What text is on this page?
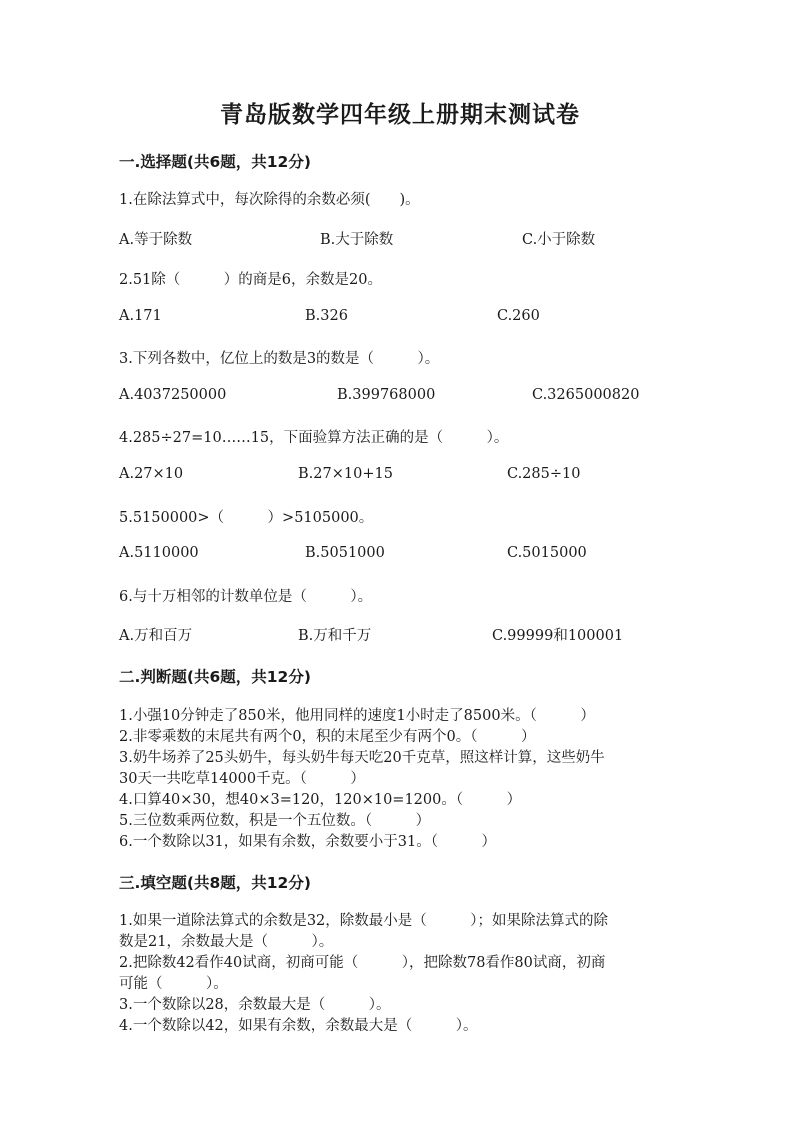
青岛版数学四年级上册期末测试卷
一.选择题(共6题，共12分)
1.在除法算式中，每次除得的余数必须(　　)。
A.等于除数	B.大于除数	C.小于除数
2.51除（　　　）的商是6，余数是20。
A.171	B.326	C.260
3.下列各数中，亿位上的数是3的数是（　　　）。
A.4037250000	B.399768000	C.3265000820
4.285÷27=10……15，下面验算方法正确的是（　　　）。
A.27×10	B.27×10+15	C.285÷10
5.5150000>（　　　）>5105000。
A.5110000	B.5051000	C.5015000
6.与十万相邻的计数单位是（　　　）。
A.万和百万	B.万和千万	C.99999和100001
二.判断题(共6题，共12分)
1.小强10分钟走了850米，他用同样的速度1小时走了8500米。（　　　）
2.非零乘数的末尾共有两个0，积的末尾至少有两个0。（　　　）
3.奶牛场养了25头奶牛，每头奶牛每天吃20千克草，照这样计算，这些奶牛
30天一共吃草14000千克。（　　　）
4.口算40×30，想40×3=120，120×10=1200。（　　　）
5.三位数乘两位数，积是一个五位数。（　　　）
6.一个数除以31，如果有余数，余数要小于31。（　　　）
三.填空题(共8题，共12分)
1.如果一道除法算式的余数是32，除数最小是（　　　）；如果除法算式的除
数是21，余数最大是（　　　）。
2.把除数42看作40试商，初商可能（　　　），把除数78看作80试商，初商
可能（　　　）。
3.一个数除以28，余数最大是（　　　）。
4.一个数除以42，如果有余数，余数最大是（　　　）。
